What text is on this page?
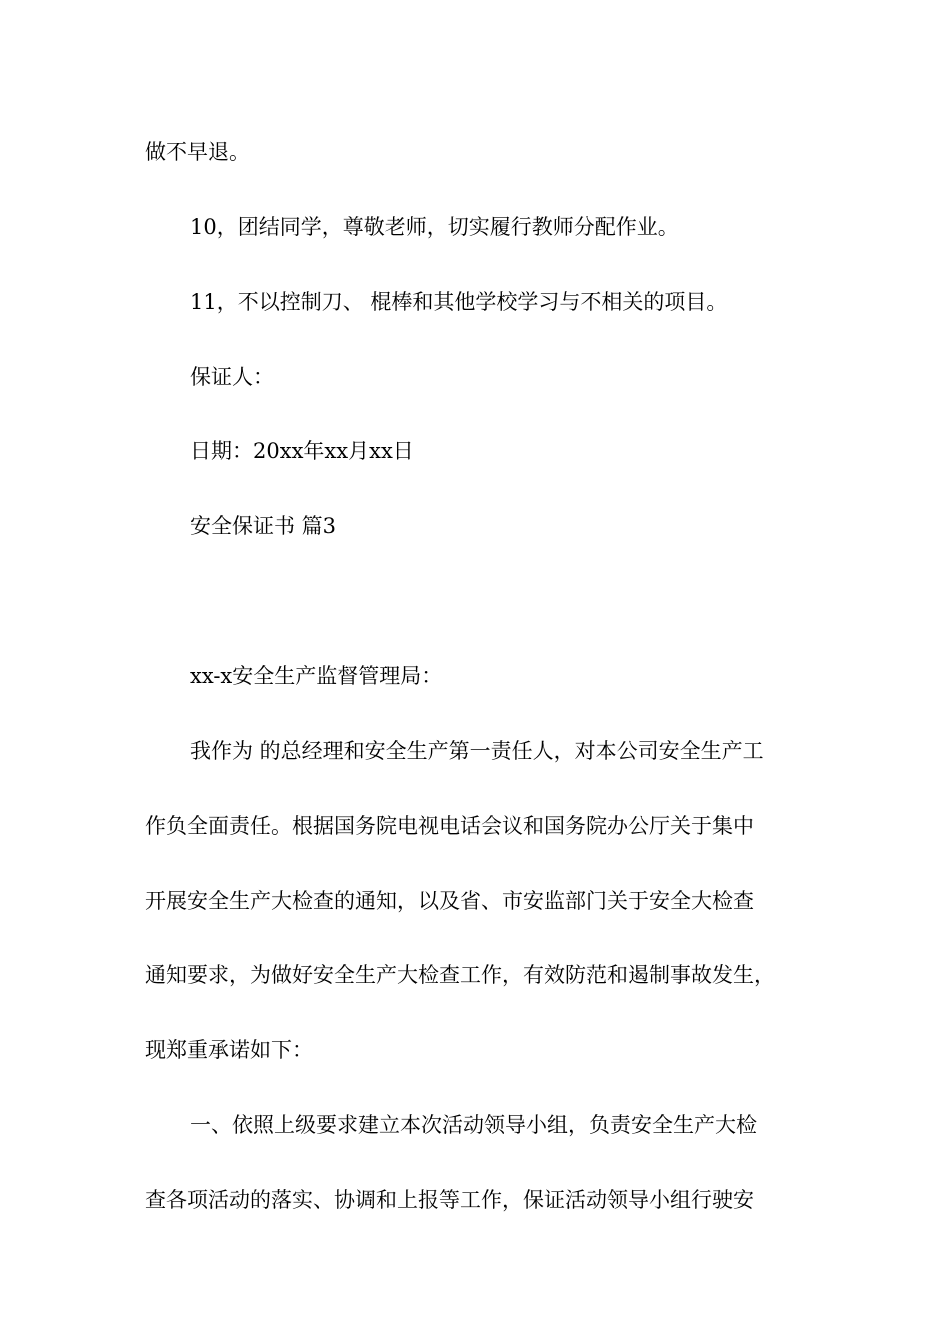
做不早退。

10，团结同学，尊敬老师，切实履行教师分配作业。

11，不以控制刀、 棍棒和其他学校学习与不相关的项目。

保证人：

日期：20xx年xx月xx日

安全保证书 篇3

xx-x安全生产监督管理局：

我作为 的总经理和安全生产第一责任人，对本公司安全生产工

作负全面责任。根据国务院电视电话会议和国务院办公厅关于集中

开展安全生产大检查的通知，以及省、市安监部门关于安全大检查

通知要求，为做好安全生产大检查工作，有效防范和遏制事故发生，

现郑重承诺如下：

一、依照上级要求建立本次活动领导小组，负责安全生产大检

查各项活动的落实、协调和上报等工作，保证活动领导小组行驶安
